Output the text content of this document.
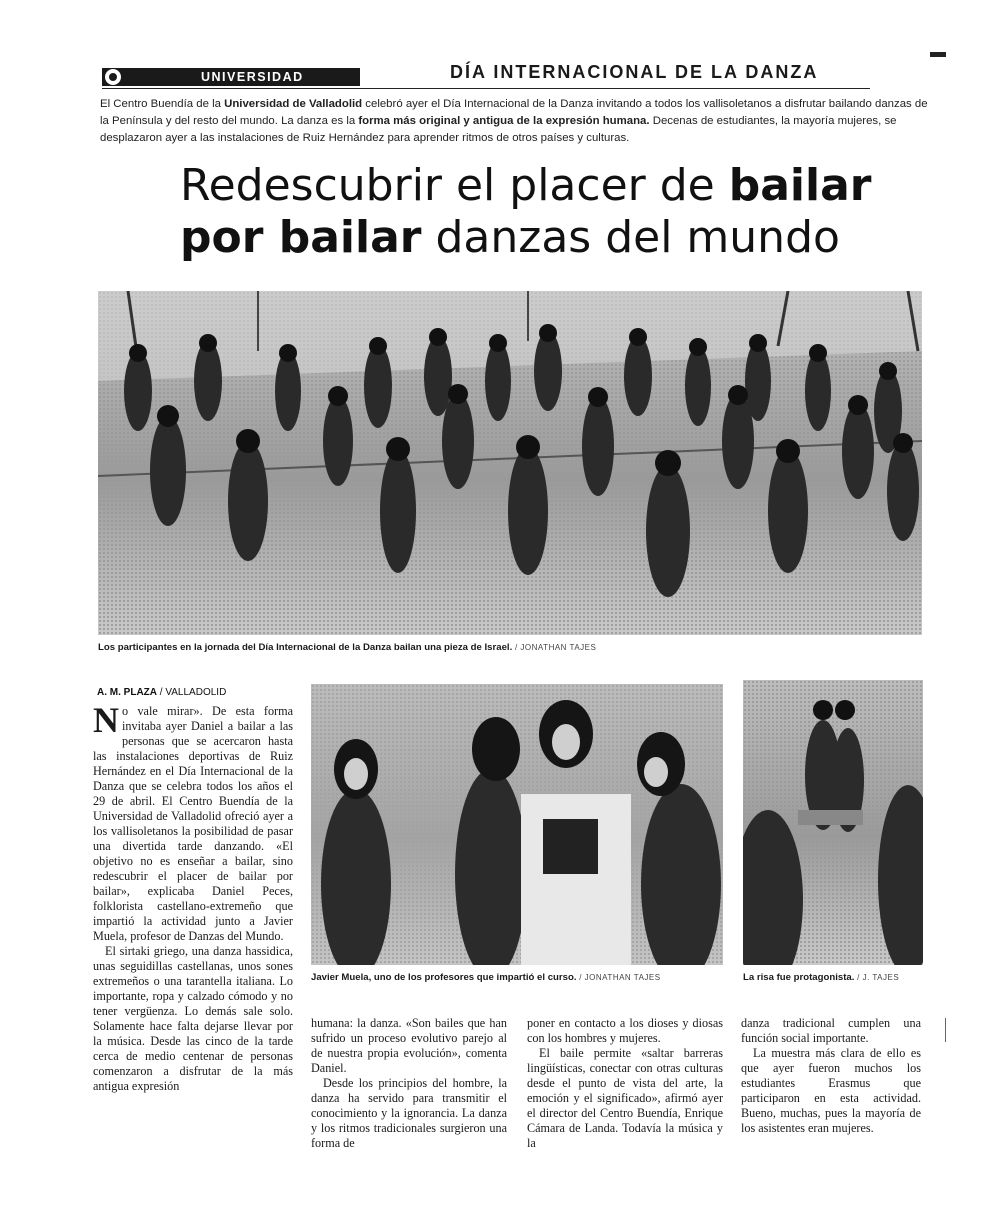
UNIVERSIDAD	DÍA INTERNACIONAL DE LA DANZA
El Centro Buendía de la Universidad de Valladolid celebró ayer el Día Internacional de la Danza invitando a todos los vallisoletanos a disfrutar bailando danzas de la Península y del resto del mundo. La danza es la forma más original y antigua de la expresión humana. Decenas de estudiantes, la mayoría mujeres, se desplazaron ayer a las instalaciones de Ruiz Hernández para aprender ritmos de otros países y culturas.
Redescubrir el placer de bailar
por bailar danzas del mundo
Los participantes en la jornada del Día Internacional de la Danza bailan una pieza de Israel. / JONATHAN TAJES
Javier Muela, uno de los profesores que impartió el curso. / JONATHAN TAJES	La risa fue protagonista. / J. TAJES
A. M. PLAZA / VALLADOLID

No vale mirar». De esta forma invitaba ayer Daniel a bailar a las personas que se acercaron hasta las instalaciones deportivas de Ruiz Hernández en el Día Internacional de la Danza que se celebra todos los años el 29 de abril. El Centro Buendía de la Universidad de Valladolid ofreció ayer a los vallisoletanos la posibilidad de pasar una divertida tarde danzando. «El objetivo no es enseñar a bailar, sino redescubrir el placer de bailar por bailar», explicaba Daniel Peces, folklorista castellano-extremeño que impartió la actividad junto a Javier Muela, profesor de Danzas del Mundo.

El sirtaki griego, una danza hassidica, unas seguidillas castellanas, unos sones extremeños o una tarantella italiana. Lo importante, ropa y calzado cómodo y no tener vergüenza. Lo demás sale solo. Solamente hace falta dejarse llevar por la música. Desde las cinco de la tarde cerca de medio centenar de personas comenzaron a disfrutar de la más antigua expresión

humana: la danza. «Son bailes que han sufrido un proceso evolutivo parejo al de nuestra propia evolución», comenta Daniel.

Desde los principios del hombre, la danza ha servido para transmitir el conocimiento y la ignorancia. La danza y los ritmos tradicionales surgieron una forma de

poner en contacto a los dioses y diosas con los hombres y mujeres.

El baile permite «saltar barreras lingüísticas, conectar con otras culturas desde el punto de vista del arte, la emoción y el significado», afirmó ayer el director del Centro Buendía, Enrique Cámara de Landa. Todavía la música y la

danza tradicional cumplen una función social importante.

La muestra más clara de ello es que ayer fueron muchos los estudiantes Erasmus que participaron en esta actividad. Bueno, muchas, pues la mayoría de los asistentes eran mujeres.
